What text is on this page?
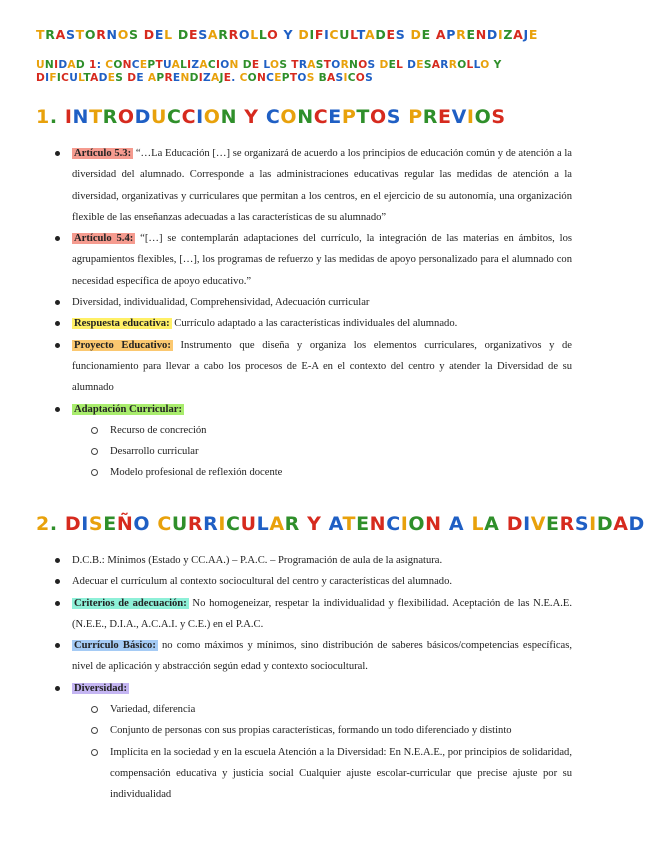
TRASTORNOS DEL DESARROLLO Y DIFICULTADES DE APRENDIZAJE
UNIDAD 1: CONCEPTUALIZACION DE LOS TRASTORNOS DEL DESARROLLO Y DIFICULTADES DE APRENDIZAJE. CONCEPTOS BASICOS
1. INTRODUCCION Y CONCEPTOS PREVIOS
Artículo 5.3: “…La Educación […] se organizará de acuerdo a los principios de educación común y de atención a la diversidad del alumnado. Corresponde a las administraciones educativas regular las medidas de atención a la diversidad, organizativas y curriculares que permitan a los centros, en el ejercicio de su autonomía, una organización flexible de las enseñanzas adecuadas a las características de su alumnado”
Artículo 5.4: “[…] se contemplarán adaptaciones del currículo, la integración de las materias en ámbitos, los agrupamientos flexibles, […], los programas de refuerzo y las medidas de apoyo personalizado para el alumnado con necesidad específica de apoyo educativo.”
Diversidad, individualidad, Comprehensividad, Adecuación curricular
Respuesta educativa: Currículo adaptado a las características individuales del alumnado.
Proyecto Educativo: Instrumento que diseña y organiza los elementos curriculares, organizativos y de funcionamiento para llevar a cabo los procesos de E-A en el contexto del centro y atender la Diversidad de su alumnado
Adaptación Curricular:
Recurso de concreción
Desarrollo curricular
Modelo profesional de reflexión docente
2. DISEÑO CURRICULAR Y ATENCION A LA DIVERSIDAD
D.C.B.: Mínimos (Estado y CC.AA.) – P.A.C. – Programación de aula de la asignatura.
Adecuar el currículum al contexto sociocultural del centro y características del alumnado.
Criterios de adecuación: No homogeneizar, respetar la individualidad y flexibilidad. Aceptación de las N.E.A.E. (N.E.E., D.I.A., A.C.A.I. y C.E.) en el P.A.C.
Currículo Básico: no como máximos y mínimos, sino distribución de saberes básicos/competencias específicas, nivel de aplicación y abstracción según edad y contexto sociocultural.
Diversidad:
Variedad, diferencia
Conjunto de personas con sus propias características, formando un todo diferenciado y distinto
Implícita en la sociedad y en la escuela Atención a la Diversidad: En N.E.A.E., por principios de solidaridad, compensación educativa y justicia social Cualquier ajuste escolar-curricular que precise ajuste por su individualidad
